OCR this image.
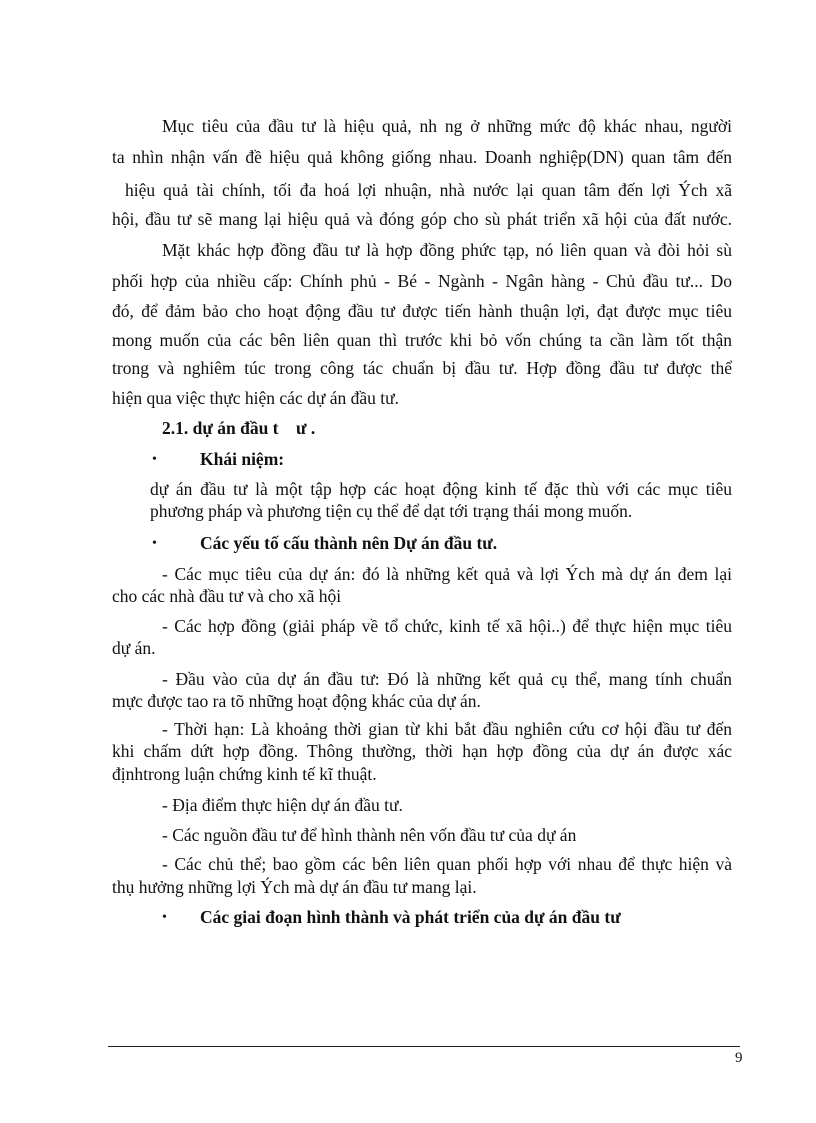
Mục tiêu của đầu tư là hiệu quả, nh ng ở những mức độ khác nhau, người
ta nhìn nhận vấn đề hiệu quả không giống nhau. Doanh nghiệp(DN) quan tâm đến
hiệu quả tài chính, tối đa hoá lợi nhuận, nhà nước lại quan tâm đến lợi Ých xã
hội, đầu tư sẽ mang lại hiệu quả và đóng góp cho sù phát triển xã hội của đất nước.
Mặt khác hợp đồng đầu tư là hợp đồng phức tạp, nó liên quan và đòi hỏi sù
phối hợp của nhiều cấp: Chính phủ - Bé - Ngành - Ngân hàng - Chủ đầu tư... Do
đó, để đảm bảo cho hoạt động đầu tư được tiến hành thuận lợi, đạt được mục tiêu
mong muốn của các bên liên quan thì trước khi bỏ vốn chúng ta cần làm tốt thận
trong và nghiêm túc trong công tác chuẩn bị đầu tư. Hợp đồng đầu tư được thể
hiện qua việc thực hiện các dự án đầu tư.
2.1. dự án đầu t    ư .
• Khái niệm:
dự án đầu tư là một tập hợp các hoạt động kinh tế đặc thù với các mục tiêu
phương pháp và phương tiện cụ thể để dạt tới trạng thái mong muốn.
• Các yếu tố cấu thành nên Dự án đầu tư.
- Các mục tiêu của dự án: đó là những kết quả và lợi Ých mà dự án đem lại
cho các nhà đầu tư và cho xã hội
- Các hợp đồng (giải pháp về tổ chức, kinh tế xã hội..) để thực hiện mục tiêu
dự án.
- Đầu vào của dự án đầu tư: Đó là những kết quả cụ thể, mang tính chuẩn
mực được tao ra tõ những hoạt động khác của dự án.
- Thời hạn: Là khoảng thời gian từ khi bắt đầu nghiên cứu cơ hội đầu tư đến
khi chấm dứt hợp đồng. Thông thường, thời hạn hợp đồng của dự án được xác
địnhtrong luận chứng kinh tế kĩ thuật.
- Địa điểm thực hiện dự án đầu tư.
- Các nguồn đầu tư để hình thành nên vốn đầu tư của dự án
- Các chủ thể; bao gồm các bên liên quan phối hợp với nhau để thực hiện và
thụ hưởng những lợi Ých mà dự án đầu tư mang lại.
• Các giai đoạn hình thành và phát triển của dự án đầu tư
9
